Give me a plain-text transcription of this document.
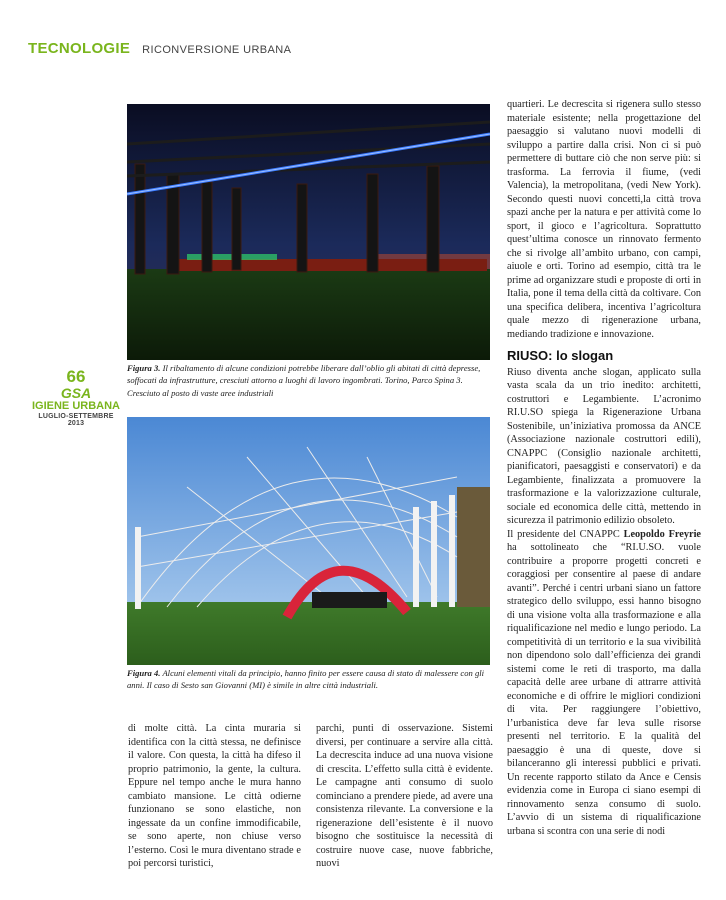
TECNOLOGIE RICONVERSIONE URBANA
66
GSA
IGIENE URBANA
LUGLIO-SETTEMBRE 2013
Figura 3. Il ribaltamento di alcune condizioni potrebbe liberare dall’oblio gli abitati di città depresse, soffocati da infrastrutture, cresciuti attorno a luoghi di lavoro ingombrati. Torino, Parco Spina 3. Cresciuto al posto di vaste aree industriali
Figura 4. Alcuni elementi vitali da principio, hanno finito per essere causa di stato di malessere con gli anni. Il caso di Sesto san Giovanni (MI) è simile in altre città industriali.

quartieri. Le decrescita si rigenera sullo stesso materiale esistente; nella progettazione del paesaggio si valutano nuovi modelli di sviluppo a partire dalla crisi. Non ci si può permettere di buttare ciò che non serve più: si trasforma. La ferrovia il fiume, (vedi Valencia), la metropolitana, (vedi New York). Secondo questi nuovi concetti,la città trova spazi anche per la natura e per attività come lo sport, il gioco e l’agricoltura. Soprattutto quest’ultima conosce un rinnovato fermento che si rivolge all’ambito urbano, con campi, aiuole e orti. Torino ad esempio, città tra le prime ad organizzare studi e proposte di orti in Italia, pone il tema della città da coltivare. Con una specifica delibera, incentiva l’agricoltura quale mezzo di rigenerazione urbana, mediando tradizione e innovazione.

RIUSO: lo slogan

Riuso diventa anche slogan, applicato sulla vasta scala da un trio inedito: architetti, costruttori e Legambiente. L’acronimo RI.U.SO spiega la Rigenerazione Urbana Sostenibile, un’iniziativa promossa da ANCE (Associazione nazionale costruttori edili), CNAPPC (Consiglio nazionale architetti, pianificatori, paesaggisti e conservatori) e da Legambiente, finalizzata a promuovere la trasformazione e la valorizzazione culturale, sociale ed economica delle città, mettendo in sicurezza il patrimonio edilizio obsoleto.

Il presidente del CNAPPC Leopoldo Freyrie ha sottolineato che “RI.U.SO. vuole contribuire a proporre progetti concreti e coraggiosi per consentire al paese di andare avanti”. Perché i centri urbani siano un fattore strategico dello sviluppo, essi hanno bisogno di una visione volta alla trasformazione e alla riqualificazione nel medio e lungo periodo. La competitività di un territorio e la sua vivibilità non dipendono solo dall’efficienza dei grandi sistemi come le reti di trasporto, ma dalla capacità delle aree urbane di attrarre attività economiche e di offrire le migliori condizioni di vita. Per raggiungere l’obiettivo, l’urbanistica deve far leva sulle risorse presenti nel territorio. E la qualità del paesaggio è una di queste, dove si bilanceranno gli interessi pubblici e privati. Un recente rapporto stilato da Ance e Censis evidenzia come in Europa ci siano esempi di rinnovamento senza consumo di suolo. L’avvio di un sistema di riqualificazione urbana si scontra con una serie di nodi

di molte città. La cinta muraria si identifica con la città stessa, ne definisce il valore. Con questa, la città ha difeso il proprio patrimonio, la gente, la cultura. Eppure nel tempo anche le mura hanno cambiato mansione. Le città odierne funzionano se sono elastiche, non ingessate da un confine immodificabile, se sono aperte, non chiuse verso l’esterno. Così le mura diventano strade e poi percorsi turistici,

parchi, punti di osservazione. Sistemi diversi, per continuare a servire alla città. La decrescita induce ad una nuova visione di crescita. L’effetto sulla città è evidente. Le campagne anti consumo di suolo cominciano a prendere piede, ad avere una consistenza rilevante. La conversione e la rigenerazione dell’esistente è il nuovo bisogno che sostituisce la necessità di costruire nuove case, nuove fabbriche, nuovi
